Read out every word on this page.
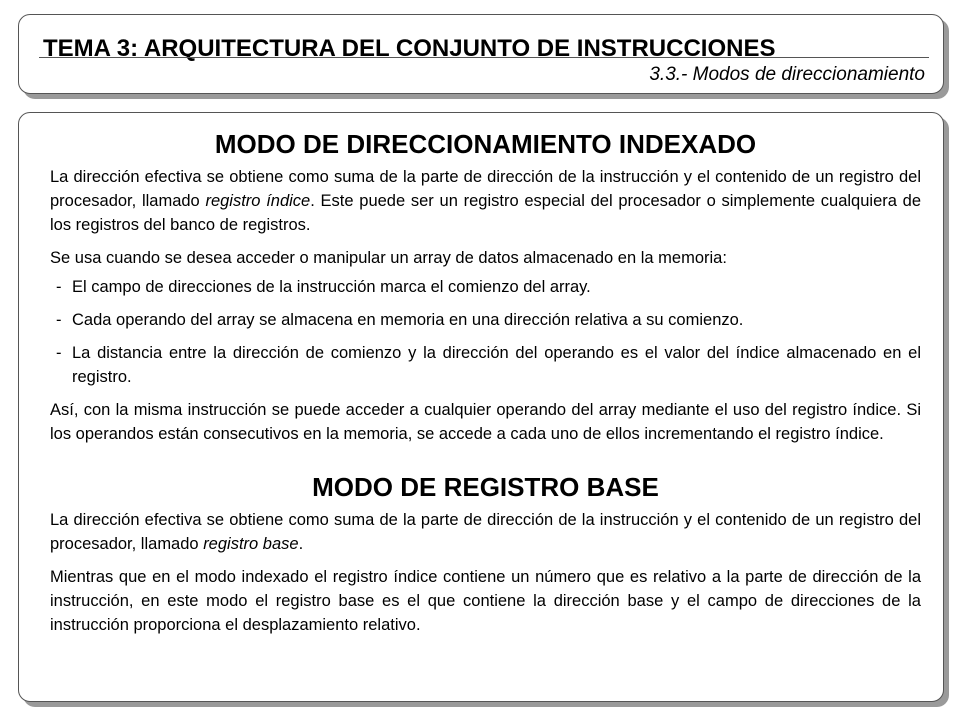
TEMA 3: ARQUITECTURA DEL CONJUNTO DE INSTRUCCIONES
3.3.- Modos de direccionamiento
MODO DE DIRECCIONAMIENTO INDEXADO

La dirección efectiva se obtiene como suma de la parte de dirección de la instrucción y el contenido de un registro del procesador, llamado registro índice. Este puede ser un registro especial del procesador o simplemente cualquiera de los registros del banco de registros.

Se usa cuando se desea acceder o manipular un array de datos almacenado en la memoria:

- El campo de direcciones de la instrucción marca el comienzo del array.
- Cada operando del array se almacena en memoria en una dirección relativa a su comienzo.
- La distancia entre la dirección de comienzo y la dirección del operando es el valor del índice almacenado en el registro.

Así, con la misma instrucción se puede acceder a cualquier operando del array mediante el uso del registro índice. Si los operandos están consecutivos en la memoria, se accede a cada uno de ellos incrementando el registro índice.

MODO DE REGISTRO BASE

La dirección efectiva se obtiene como suma de la parte de dirección de la instrucción y el contenido de un registro del procesador, llamado registro base.

Mientras que en el modo indexado el registro índice contiene un número que es relativo a la parte de dirección de la instrucción, en este modo el registro base es el que contiene la dirección base y el campo de direcciones de la instrucción proporciona el desplazamiento relativo.
